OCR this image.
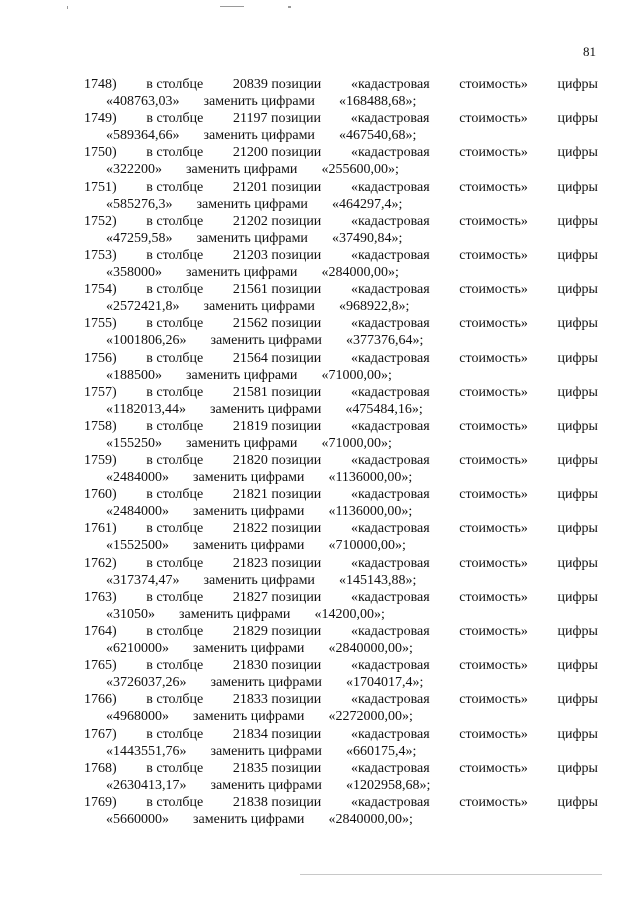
81
1748) в столбце 20839 позиции «кадастровая стоимость» цифры
«408763,03» заменить цифрами «168488,68»;
1749) в столбце 21197 позиции «кадастровая стоимость» цифры
«589364,66» заменить цифрами «467540,68»;
1750) в столбце 21200 позиции «кадастровая стоимость» цифры
«322200» заменить цифрами «255600,00»;
1751) в столбце 21201 позиции «кадастровая стоимость» цифры
«585276,3» заменить цифрами «464297,4»;
1752) в столбце 21202 позиции «кадастровая стоимость» цифры
«47259,58» заменить цифрами «37490,84»;
1753) в столбце 21203 позиции «кадастровая стоимость» цифры
«358000» заменить цифрами «284000,00»;
1754) в столбце 21561 позиции «кадастровая стоимость» цифры
«2572421,8» заменить цифрами «968922,8»;
1755) в столбце 21562 позиции «кадастровая стоимость» цифры
«1001806,26» заменить цифрами «377376,64»;
1756) в столбце 21564 позиции «кадастровая стоимость» цифры
«188500» заменить цифрами «71000,00»;
1757) в столбце 21581 позиции «кадастровая стоимость» цифры
«1182013,44» заменить цифрами «475484,16»;
1758) в столбце 21819 позиции «кадастровая стоимость» цифры
«155250» заменить цифрами «71000,00»;
1759) в столбце 21820 позиции «кадастровая стоимость» цифры
«2484000» заменить цифрами «1136000,00»;
1760) в столбце 21821 позиции «кадастровая стоимость» цифры
«2484000» заменить цифрами «1136000,00»;
1761) в столбце 21822 позиции «кадастровая стоимость» цифры
«1552500» заменить цифрами «710000,00»;
1762) в столбце 21823 позиции «кадастровая стоимость» цифры
«317374,47» заменить цифрами «145143,88»;
1763) в столбце 21827 позиции «кадастровая стоимость» цифры
«31050» заменить цифрами «14200,00»;
1764) в столбце 21829 позиции «кадастровая стоимость» цифры
«6210000» заменить цифрами «2840000,00»;
1765) в столбце 21830 позиции «кадастровая стоимость» цифры
«3726037,26» заменить цифрами «1704017,4»;
1766) в столбце 21833 позиции «кадастровая стоимость» цифры
«4968000» заменить цифрами «2272000,00»;
1767) в столбце 21834 позиции «кадастровая стоимость» цифры
«1443551,76» заменить цифрами «660175,4»;
1768) в столбце 21835 позиции «кадастровая стоимость» цифры
«2630413,17» заменить цифрами «1202958,68»;
1769) в столбце 21838 позиции «кадастровая стоимость» цифры
«5660000» заменить цифрами «2840000,00»;
